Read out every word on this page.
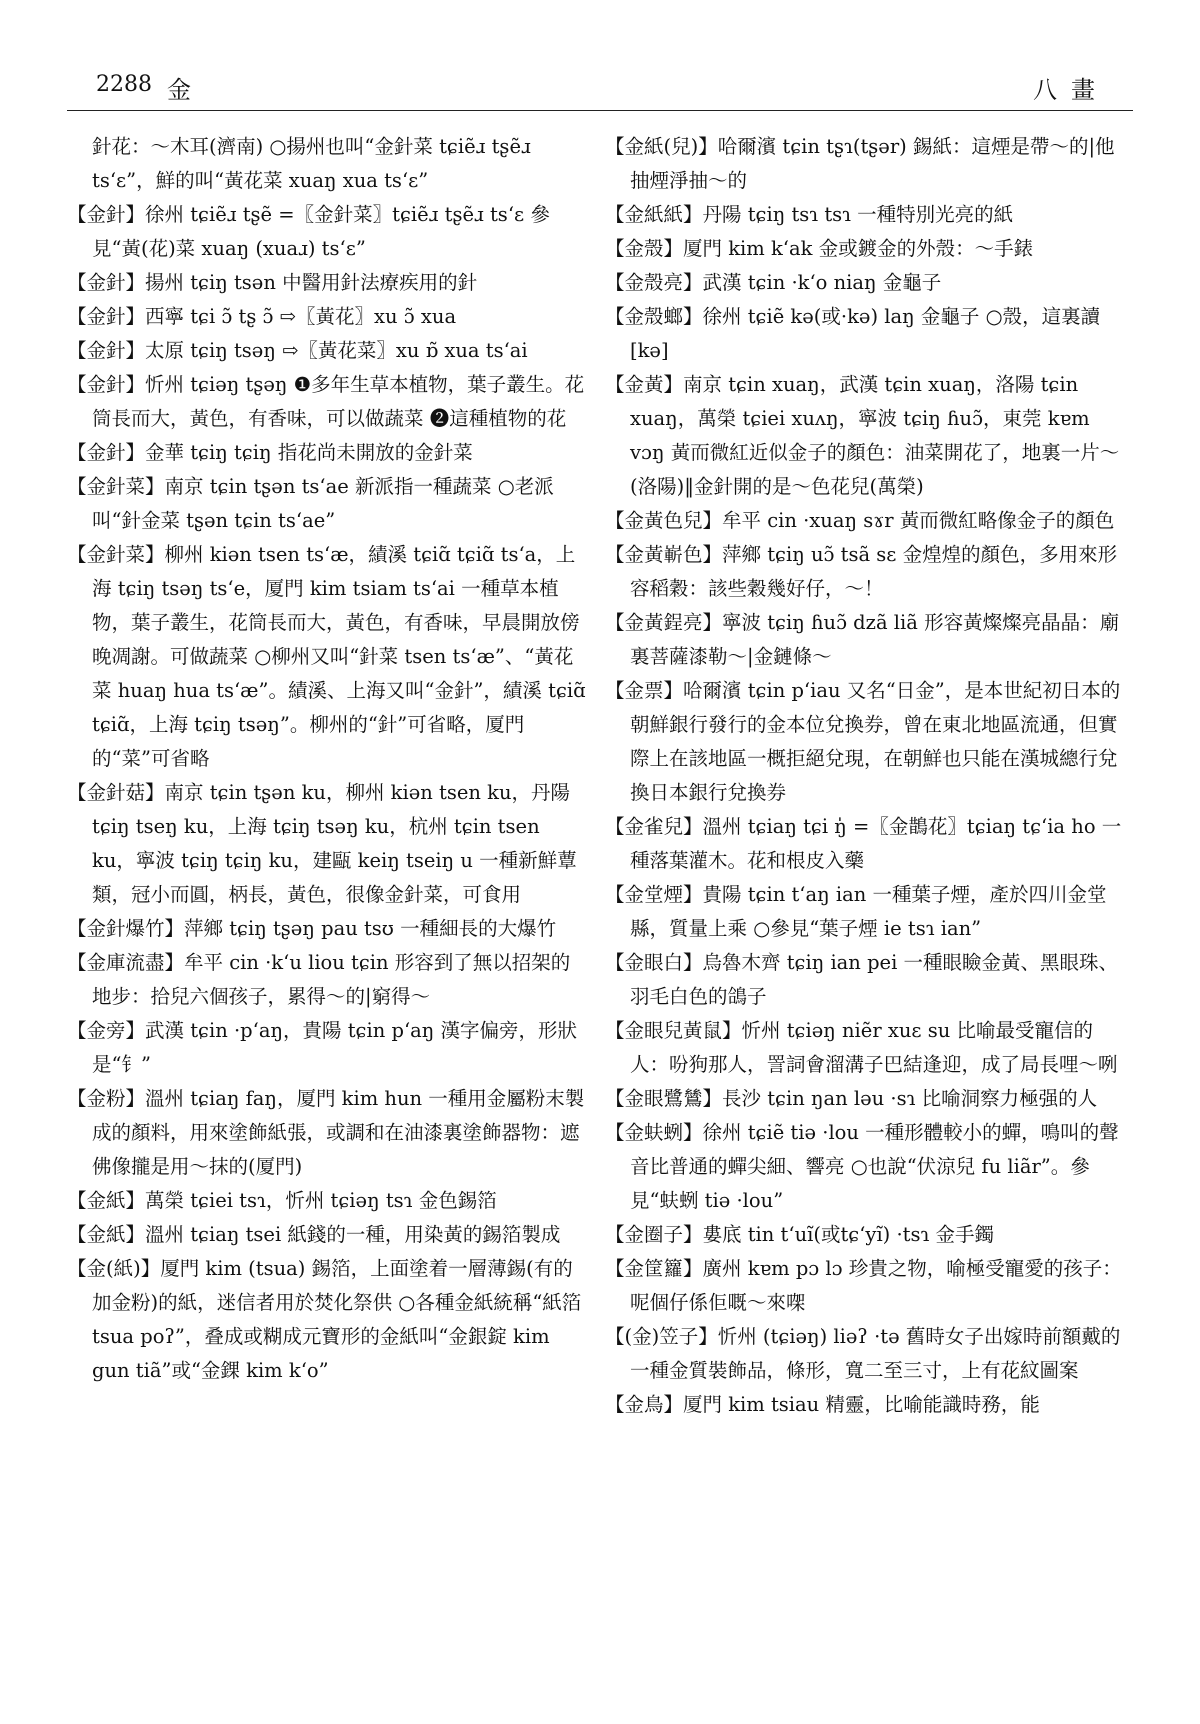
2288 金	八畫

針花：～木耳(濟南) ○揚州也叫“金針菜 tɕiẽɹ tʂẽɹ tsʻɛ”，鮮的叫“黃花菜 xuaŋ xua tsʻɛ”

【金針】徐州 tɕiẽɹ tʂẽ =〖金針菜〗tɕiẽɹ tʂẽɹ tsʻɛ 參見“黃(花)菜 xuaŋ (xuaɹ) tsʻɛ”

【金針】揚州 tɕiŋ tsən 中醫用針法療疾用的針

【金針】西寧 tɕi ɔ̃ tʂ ɔ̃ ⇨〖黃花〗xu ɔ̃ xua

【金針】太原 tɕiŋ tsəŋ ⇨〖黃花菜〗xu ɒ̃ xua tsʻai

【金針】忻州 tɕiəŋ tʂəŋ ❶多年生草本植物，葉子叢生。花筒長而大，黃色，有香味，可以做蔬菜 ❷這種植物的花

【金針】金華 tɕiŋ tɕiŋ 指花尚未開放的金針菜

【金針菜】南京 tɕin tʂən tsʻae 新派指一種蔬菜 ○老派叫“針金菜 tʂən tɕin tsʻae”

【金針菜】柳州 kiən tsen tsʻæ，績溪 tɕiɑ̃ tɕiɑ̃ tsʻa，上海 tɕiŋ tsəŋ tsʻe，厦門 kim tsiam tsʻai 一種草本植物，葉子叢生，花筒長而大，黃色，有香味，早晨開放傍晚凋謝。可做蔬菜 ○柳州又叫“針菜 tsen tsʻæ”、“黃花菜 huaŋ hua tsʻæ”。績溪、上海又叫“金針”，績溪 tɕiɑ̃ tɕiɑ̃，上海 tɕiŋ tsəŋ”。柳州的“針”可省略，厦門的“菜”可省略

【金針菇】南京 tɕin tʂən ku，柳州 kiən tsen ku，丹陽 tɕiŋ tseŋ ku，上海 tɕiŋ tsəŋ ku，杭州 tɕin tsen ku，寧波 tɕiŋ tɕiŋ ku，建甌 keiŋ tseiŋ u 一種新鮮蕈類，冠小而圓，柄長，黃色，很像金針菜，可食用

【金針爆竹】萍鄉 tɕiŋ tʂəŋ pau tsʊ 一種細長的大爆竹

【金庫流盡】牟平 cin ·kʻu liou tɕin 形容到了無以招架的地步：拾兒六個孩子，累得～的|窮得～

【金旁】武漢 tɕin ·pʻaŋ，貴陽 tɕin pʻaŋ 漢字偏旁，形狀是“钅”

【金粉】溫州 tɕiaŋ faŋ，厦門 kim hun 一種用金屬粉末製成的顏料，用來塗飾紙張，或調和在油漆裏塗飾器物：遮佛像攏是用～抹的(厦門)

【金紙】萬榮 tɕiei tsɿ，忻州 tɕiəŋ tsɿ 金色錫箔

【金紙】溫州 tɕiaŋ tsei 紙錢的一種，用染黃的錫箔製成

【金(紙)】厦門 kim (tsua) 錫箔，上面塗着一層薄錫(有的加金粉)的紙，迷信者用於焚化祭供 ○各種金紙統稱“紙箔 tsua poʔ”，叠成或糊成元寶形的金紙叫“金銀錠 kim gun tiã”或“金錁 kim kʻo”

【金紙(兒)】哈爾濱 tɕin tʂɿ(tʂər) 錫紙：這煙是帶～的|他抽煙淨抽～的

【金紙紙】丹陽 tɕiŋ tsɿ tsɿ 一種特別光亮的紙

【金殼】厦門 kim kʻak 金或鍍金的外殼：～手錶

【金殼亮】武漢 tɕin ·kʻo niaŋ 金龜子

【金殼螂】徐州 tɕiẽ kə(或·kə) laŋ 金龜子 ○殼，這裏讀[kə]

【金黃】南京 tɕin xuaŋ，武漢 tɕin xuaŋ，洛陽 tɕin xuaŋ，萬榮 tɕiei xuʌŋ，寧波 tɕiŋ ɦuɔ̃，東莞 kɐm vɔŋ 黃而微紅近似金子的顏色：油菜開花了，地裏一片～(洛陽)‖金針開的是～色花兒(萬榮)

【金黃色兒】牟平 cin ·xuaŋ sɤr 黃而微紅略像金子的顏色

【金黃嶄色】萍鄉 tɕiŋ uɔ̃ tsã sɛ 金煌煌的顏色，多用來形容稻穀：該些穀幾好仔，～！

【金黃鋥亮】寧波 tɕiŋ ɦuɔ̃ dzã liã 形容黃燦燦亮晶晶：廟裏菩薩漆勒～|金鏈條～

【金票】哈爾濱 tɕin pʻiau 又名“日金”，是本世紀初日本的朝鮮銀行發行的金本位兌換券，曾在東北地區流通，但實際上在該地區一概拒絕兌現，在朝鮮也只能在漢城總行兌換日本銀行兌換券

【金雀兒】溫州 tɕiaŋ tɕi ŋ̍ =〖金鵲花〗tɕiaŋ tɕʻia ho 一種落葉灌木。花和根皮入藥

【金堂煙】貴陽 tɕin tʻaŋ ian 一種葉子煙，產於四川金堂縣，質量上乘 ○參見“葉子煙 ie tsɿ ian”

【金眼白】烏魯木齊 tɕiŋ ian pei 一種眼瞼金黃、黑眼珠、羽毛白色的鴿子

【金眼兒黃鼠】忻州 tɕiəŋ niẽr xuɛ su 比喻最受寵信的人：吩狗那人，詈詞會溜溝子巴結逢迎，成了局長哩～咧

【金眼鷺鷥】長沙 tɕin ŋan ləu ·sɿ 比喻洞察力極强的人

【金蚨蛚】徐州 tɕiẽ tiə ·lou 一種形體較小的蟬，鳴叫的聲音比普通的蟬尖細、響亮 ○也說“伏涼兒 fu liãr”。參見“蚨蛚 tiə ·lou”

【金圈子】婁底 tin tʻuĩ(或tɕʻyĩ) ·tsɿ 金手鐲

【金筐籮】廣州 kɐm pɔ lɔ 珍貴之物，喻極受寵愛的孩子：呢個仔係佢嘅～來㗎

【(金)笠子】忻州 (tɕiəŋ) liəʔ ·tə 舊時女子出嫁時前額戴的一種金質裝飾品，條形，寬二至三寸，上有花紋圖案

【金鳥】厦門 kim tsiau 精靈，比喻能識時務，能
